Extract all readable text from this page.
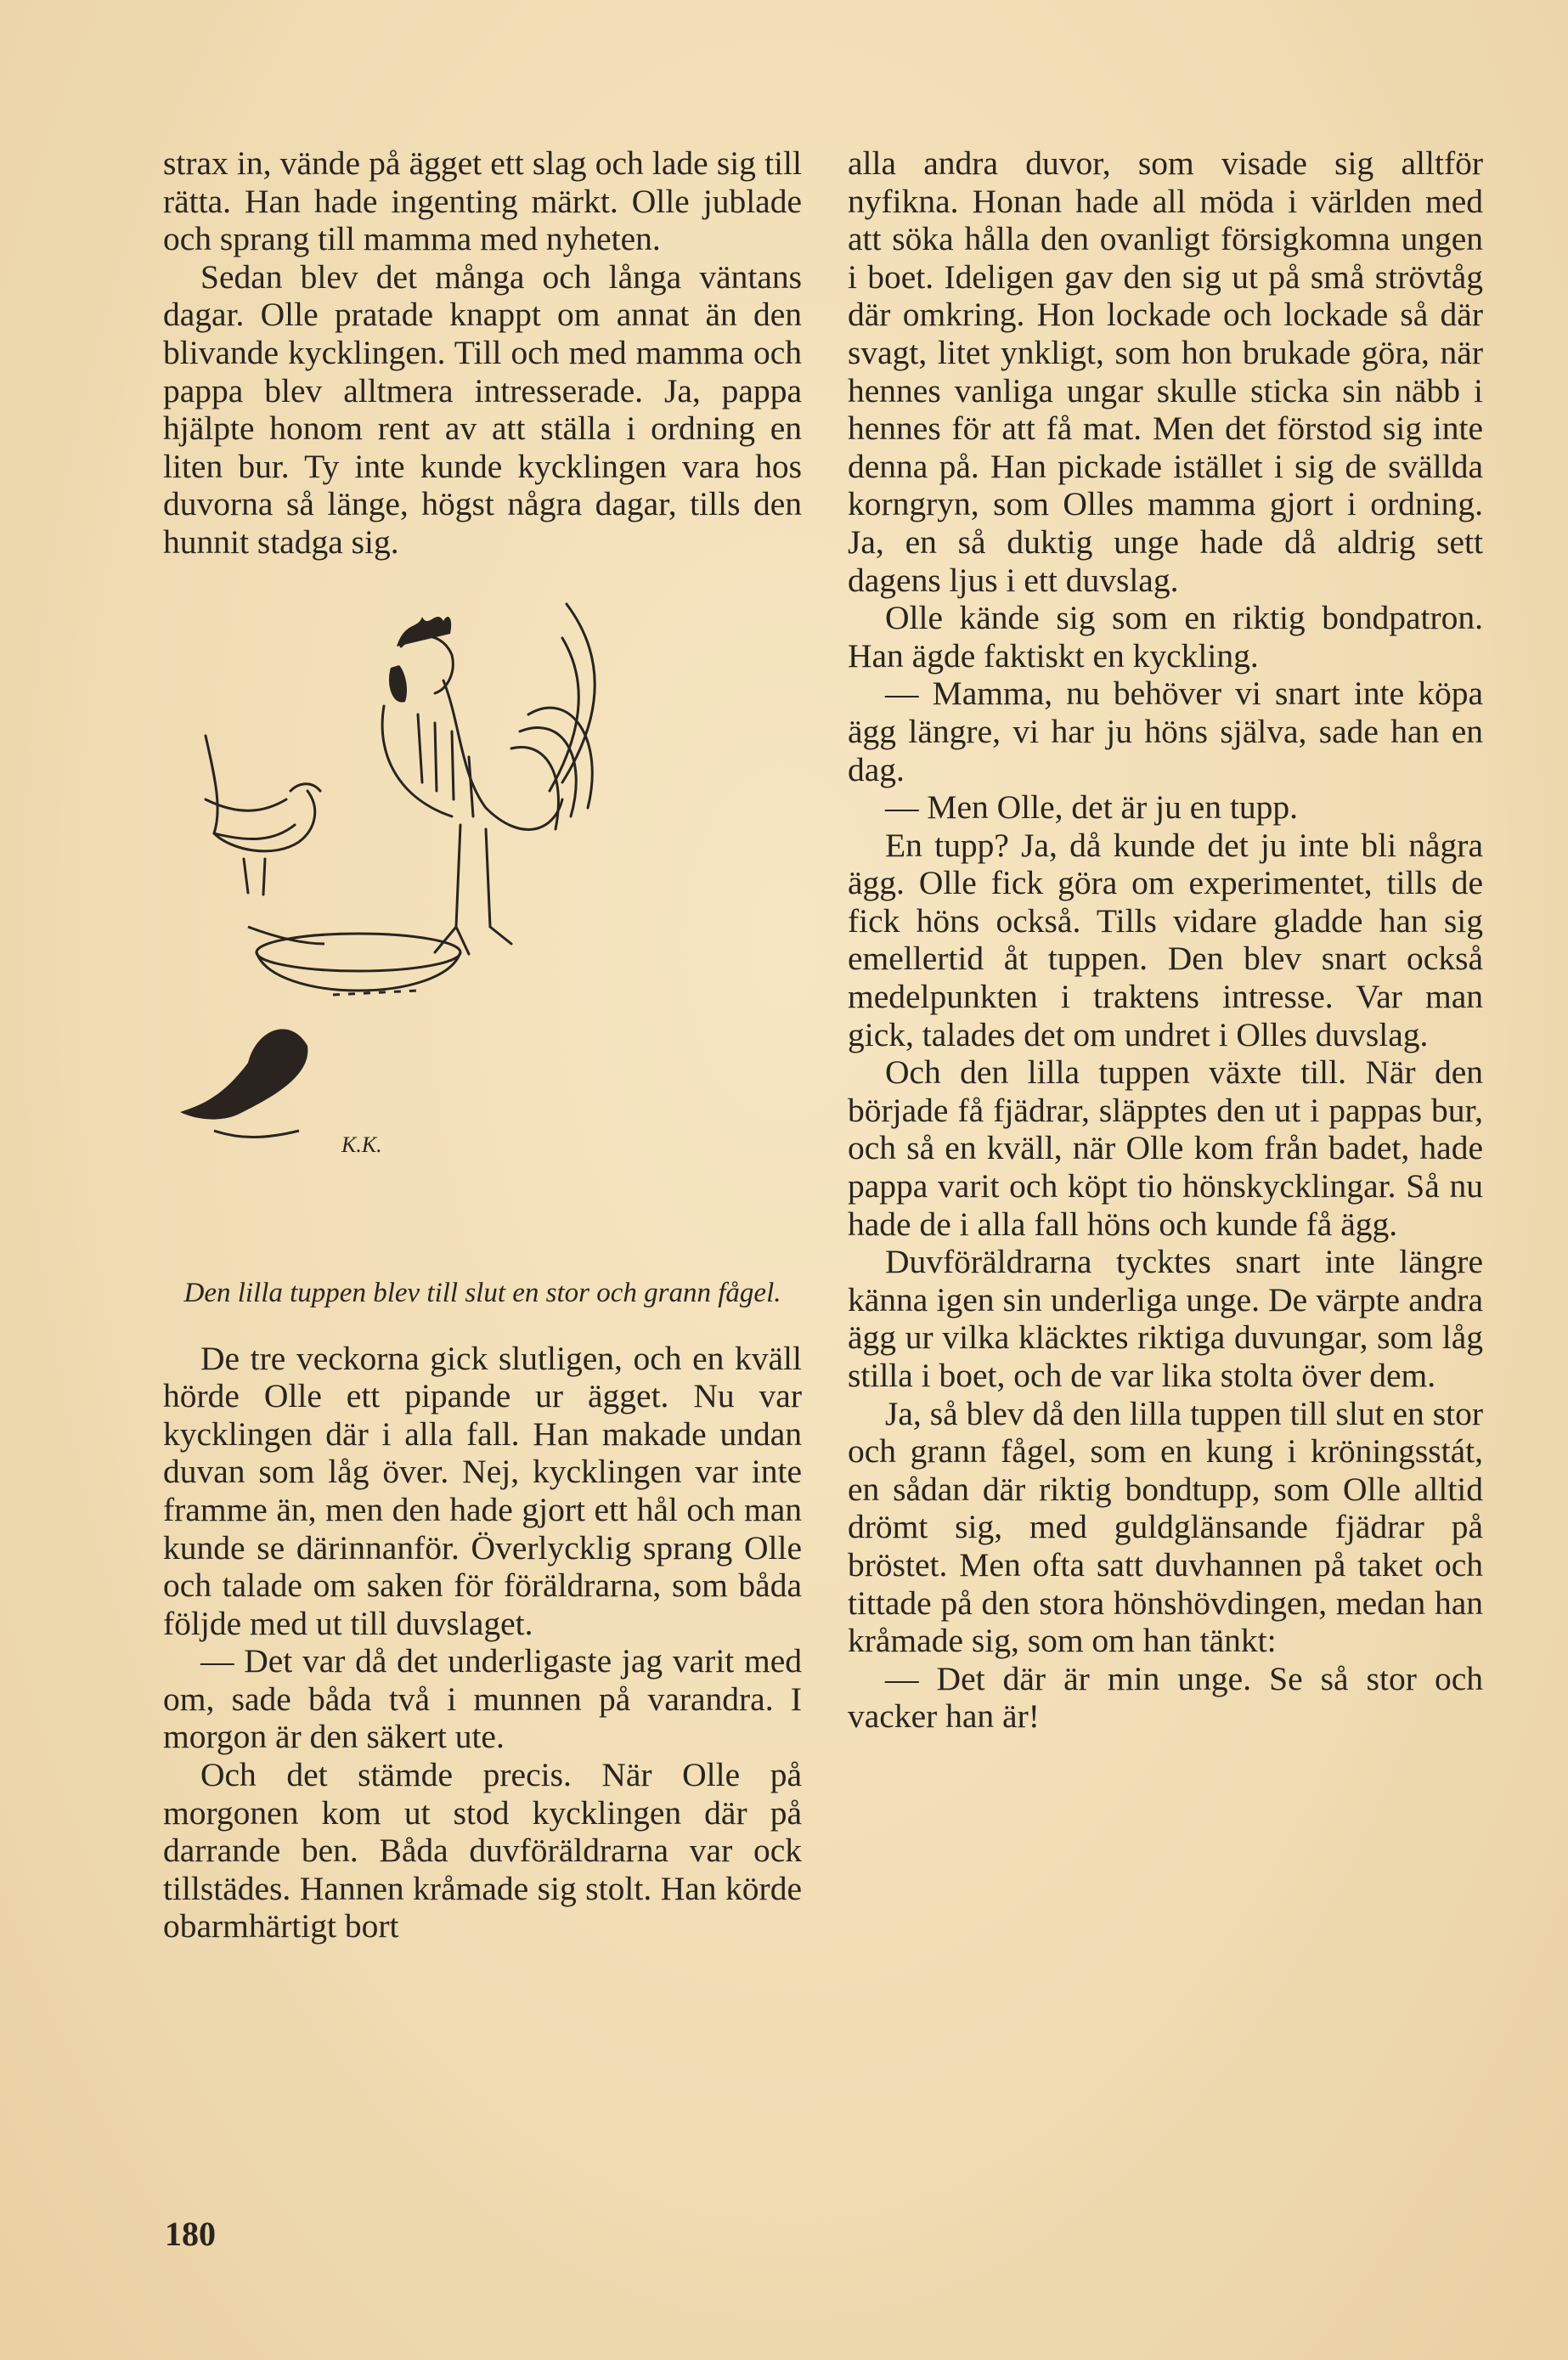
strax in, vände på ägget ett slag och lade sig till rätta. Han hade ingenting märkt. Olle jublade och sprang till mamma med nyheten.

Sedan blev det många och långa väntans dagar. Olle pratade knappt om annat än den blivande kycklingen. Till och med mamma och pappa blev alltmera intresserade. Ja, pappa hjälpte honom rent av att ställa i ordning en liten bur. Ty inte kunde kycklingen vara hos duvorna så länge, högst några dagar, tills den hunnit stadga sig.

K.K.
Den lilla tuppen blev till slut en stor och grann fågel.

De tre veckorna gick slutligen, och en kväll hörde Olle ett pipande ur ägget. Nu var kycklingen där i alla fall. Han makade undan duvan som låg över. Nej, kycklingen var inte framme än, men den hade gjort ett hål och man kunde se därinnanför. Överlycklig sprang Olle och talade om saken för föräldrarna, som båda följde med ut till duvslaget.

— Det var då det underligaste jag varit med om, sade båda två i munnen på varandra. I morgon är den säkert ute.

Och det stämde precis. När Olle på morgonen kom ut stod kycklingen där på darrande ben. Båda duvföräldrarna var ock tillstädes. Hannen kråmade sig stolt. Han körde obarmhärtigt bort

alla andra duvor, som visade sig alltför nyfikna. Honan hade all möda i världen med att söka hålla den ovanligt försigkomna ungen i boet. Ideligen gav den sig ut på små strövtåg där omkring. Hon lockade och lockade så där svagt, litet ynkligt, som hon brukade göra, när hennes vanliga ungar skulle sticka sin näbb i hennes för att få mat. Men det förstod sig inte denna på. Han pickade istället i sig de svällda korngryn, som Olles mamma gjort i ordning. Ja, en så duktig unge hade då aldrig sett dagens ljus i ett duvslag.

Olle kände sig som en riktig bondpatron. Han ägde faktiskt en kyckling.

— Mamma, nu behöver vi snart inte köpa ägg längre, vi har ju höns själva, sade han en dag.

— Men Olle, det är ju en tupp.

En tupp? Ja, då kunde det ju inte bli några ägg. Olle fick göra om experimentet, tills de fick höns också. Tills vidare gladde han sig emellertid åt tuppen. Den blev snart också medelpunkten i traktens intresse. Var man gick, talades det om undret i Olles duvslag.

Och den lilla tuppen växte till. När den började få fjädrar, släpptes den ut i pappas bur, och så en kväll, när Olle kom från badet, hade pappa varit och köpt tio hönskycklingar. Så nu hade de i alla fall höns och kunde få ägg.

Duvföräldrarna tycktes snart inte längre känna igen sin underliga unge. De värpte andra ägg ur vilka kläcktes riktiga duvungar, som låg stilla i boet, och de var lika stolta över dem.

Ja, så blev då den lilla tuppen till slut en stor och grann fågel, som en kung i kröningsstát, en sådan där riktig bondtupp, som Olle alltid drömt sig, med guldglänsande fjädrar på bröstet. Men ofta satt duvhannen på taket och tittade på den stora hönshövdingen, medan han kråmade sig, som om han tänkt:

— Det där är min unge. Se så stor och vacker han är!

180
